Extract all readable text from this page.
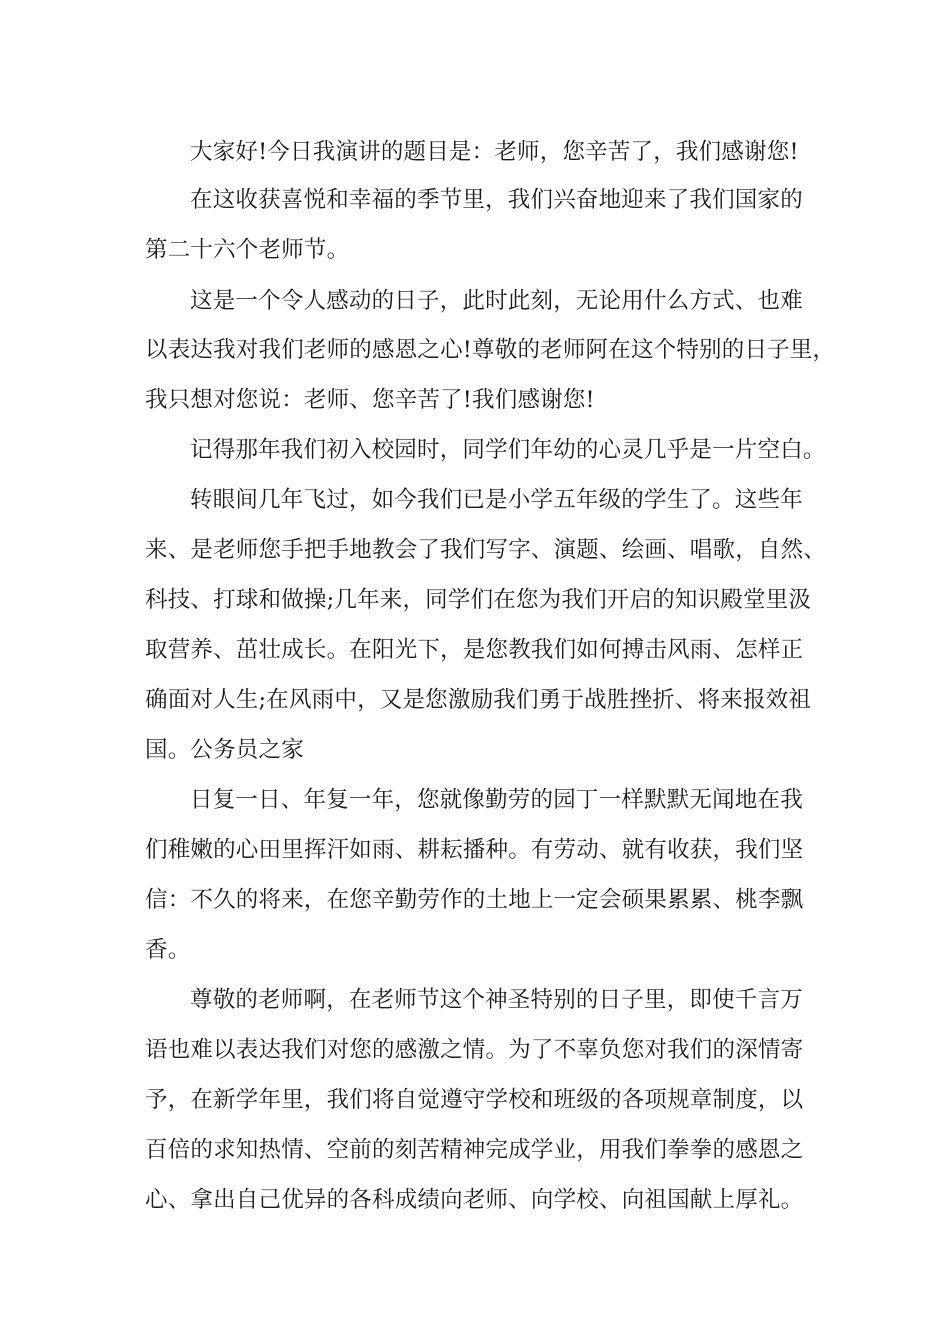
大家好!今日我演讲的题目是：老师，您辛苦了，我们感谢您!
在这收获喜悦和幸福的季节里，我们兴奋地迎来了我们国家的
第二十六个老师节。
这是一个令人感动的日子，此时此刻，无论用什么方式、也难
以表达我对我们老师的感恩之心!尊敬的老师阿在这个特别的日子里，
我只想对您说：老师、您辛苦了!我们感谢您!
记得那年我们初入校园时，同学们年幼的心灵几乎是一片空白。
转眼间几年飞过，如今我们已是小学五年级的学生了。这些年
来、是老师您手把手地教会了我们写字、演题、绘画、唱歌，自然、
科技、打球和做操;几年来，同学们在您为我们开启的知识殿堂里汲
取营养、茁壮成长。在阳光下，是您教我们如何搏击风雨、怎样正
确面对人生;在风雨中，又是您激励我们勇于战胜挫折、将来报效祖
国。公务员之家
日复一日、年复一年，您就像勤劳的园丁一样默默无闻地在我
们稚嫩的心田里挥汗如雨、耕耘播种。有劳动、就有收获，我们坚
信：不久的将来，在您辛勤劳作的土地上一定会硕果累累、桃李飘
香。
尊敬的老师啊，在老师节这个神圣特别的日子里，即使千言万
语也难以表达我们对您的感激之情。为了不辜负您对我们的深情寄
予，在新学年里，我们将自觉遵守学校和班级的各项规章制度，以
百倍的求知热情、空前的刻苦精神完成学业，用我们拳拳的感恩之
心、拿出自己优异的各科成绩向老师、向学校、向祖国献上厚礼。
